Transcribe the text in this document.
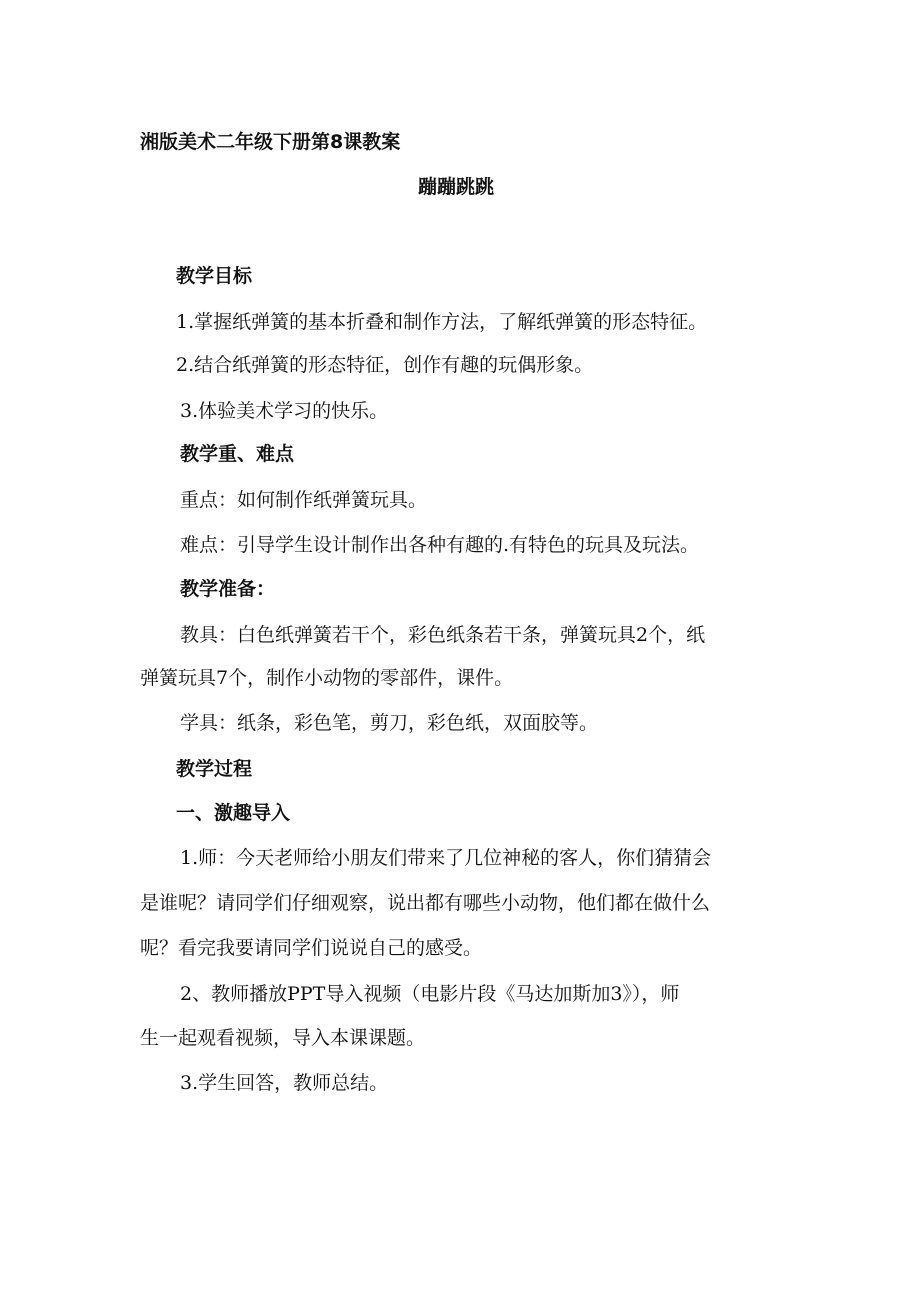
湘版美术二年级下册第8课教案

蹦蹦跳跳

教学目标

1.掌握纸弹簧的基本折叠和制作方法，了解纸弹簧的形态特征。

2.结合纸弹簧的形态特征，创作有趣的玩偶形象。

3.体验美术学习的快乐。

教学重、难点

重点：如何制作纸弹簧玩具。

难点：引导学生设计制作出各种有趣的.有特色的玩具及玩法。

教学准备：

教具：白色纸弹簧若干个，彩色纸条若干条，弹簧玩具2个，纸

弹簧玩具7个，制作小动物的零部件，课件。

学具：纸条，彩色笔，剪刀，彩色纸，双面胶等。

教学过程

一、激趣导入

1.师：今天老师给小朋友们带来了几位神秘的客人，你们猜猜会

是谁呢？请同学们仔细观察，说出都有哪些小动物，他们都在做什么

呢？看完我要请同学们说说自己的感受。

2、教师播放PPT导入视频（电影片段《马达加斯加3》），师

生一起观看视频，导入本课课题。

3.学生回答，教师总结。
